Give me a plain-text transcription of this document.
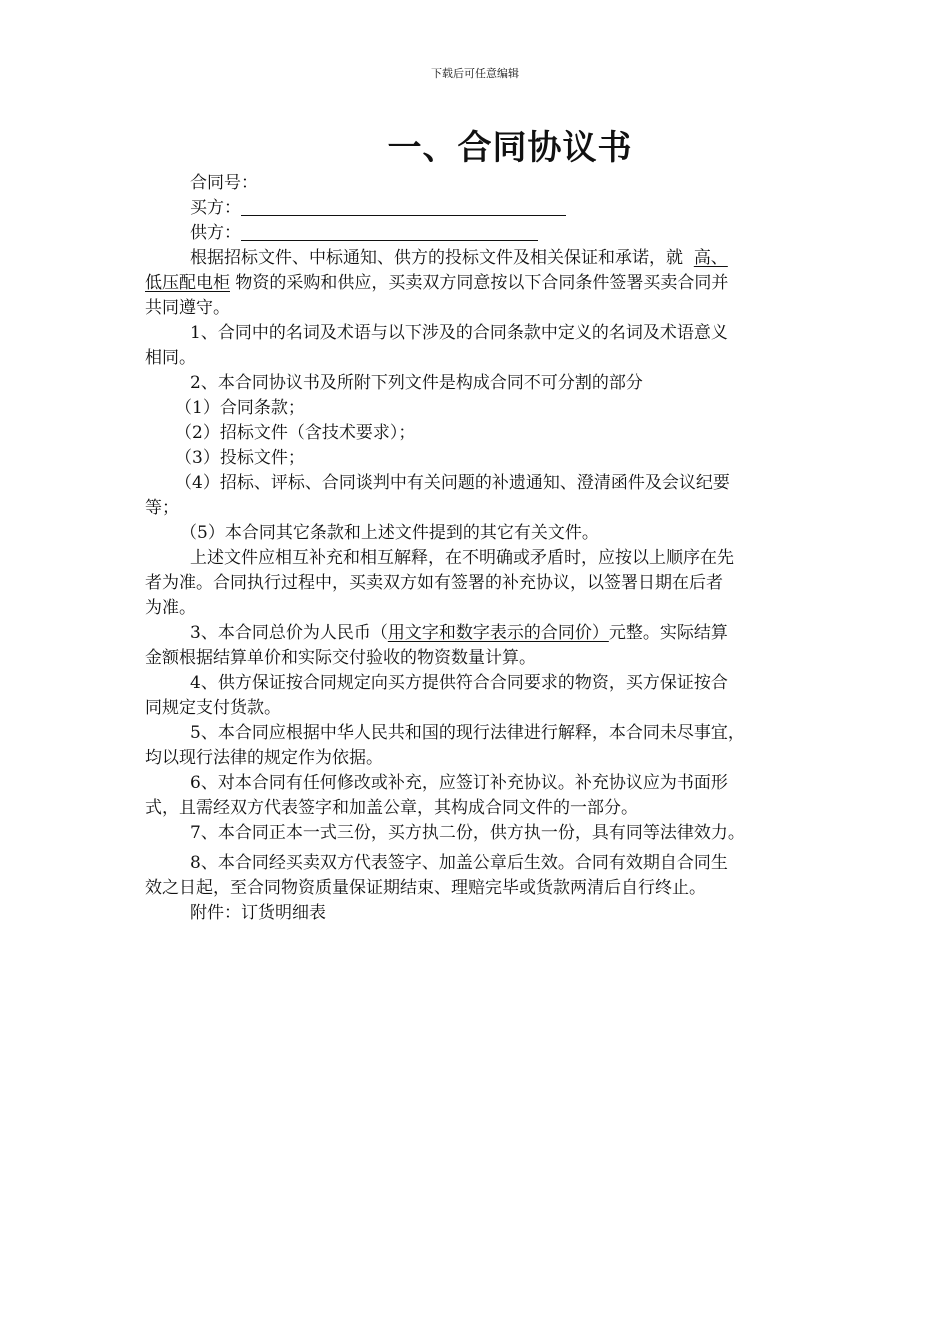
下载后可任意编辑
一、合同协议书
合同号：
买方：
供方：
根据招标文件、中标通知、供方的投标文件及相关保证和承诺，就 高、
低压配电柜 物资的采购和供应，买卖双方同意按以下合同条件签署买卖合同并
共同遵守。
1、合同中的名词及术语与以下涉及的合同条款中定义的名词及术语意义
相同。
2、本合同协议书及所附下列文件是构成合同不可分割的部分
（1）合同条款；
（2）招标文件（含技术要求）；
（3）投标文件；
（4）招标、评标、合同谈判中有关问题的补遗通知、澄清函件及会议纪要
等；
（5）本合同其它条款和上述文件提到的其它有关文件。
上述文件应相互补充和相互解释，在不明确或矛盾时，应按以上顺序在先
者为准。合同执行过程中，买卖双方如有签署的补充协议，以签署日期在后者
为准。
3、本合同总价为人民币（用文字和数字表示的合同价）元整。实际结算
金额根据结算单价和实际交付验收的物资数量计算。
4、供方保证按合同规定向买方提供符合合同要求的物资，买方保证按合
同规定支付货款。
5、本合同应根据中华人民共和国的现行法律进行解释，本合同未尽事宜，
均以现行法律的规定作为依据。
6、对本合同有任何修改或补充，应签订补充协议。补充协议应为书面形
式，且需经双方代表签字和加盖公章，其构成合同文件的一部分。
7、本合同正本一式三份，买方执二份，供方执一份，具有同等法律效力。
8、本合同经买卖双方代表签字、加盖公章后生效。合同有效期自合同生
效之日起，至合同物资质量保证期结束、理赔完毕或货款两清后自行终止。
附件：订货明细表
